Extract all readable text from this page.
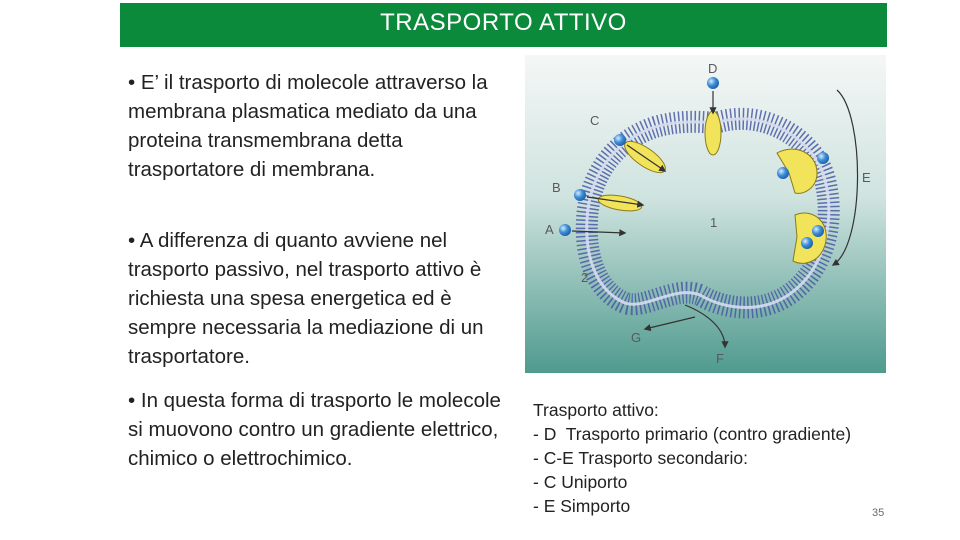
TRASPORTO ATTIVO
• E’ il trasporto di molecole attraverso la membrana plasmatica mediato da una proteina transmembrana detta trasportatore di membrana.
• A differenza di quanto avviene nel trasporto passivo, nel trasporto attivo è richiesta una spesa energetica ed è sempre necessaria la mediazione di un trasportatore.
• In questa forma di trasporto le molecole si muovono contro un gradiente elettrico, chimico o elettrochimico.
D
C
B
A
E
1
2
G
F
Trasporto attivo:
- D  Trasporto primario (contro gradiente)
- C-E Trasporto secondario:
- C Uniporto
- E Simporto	35
